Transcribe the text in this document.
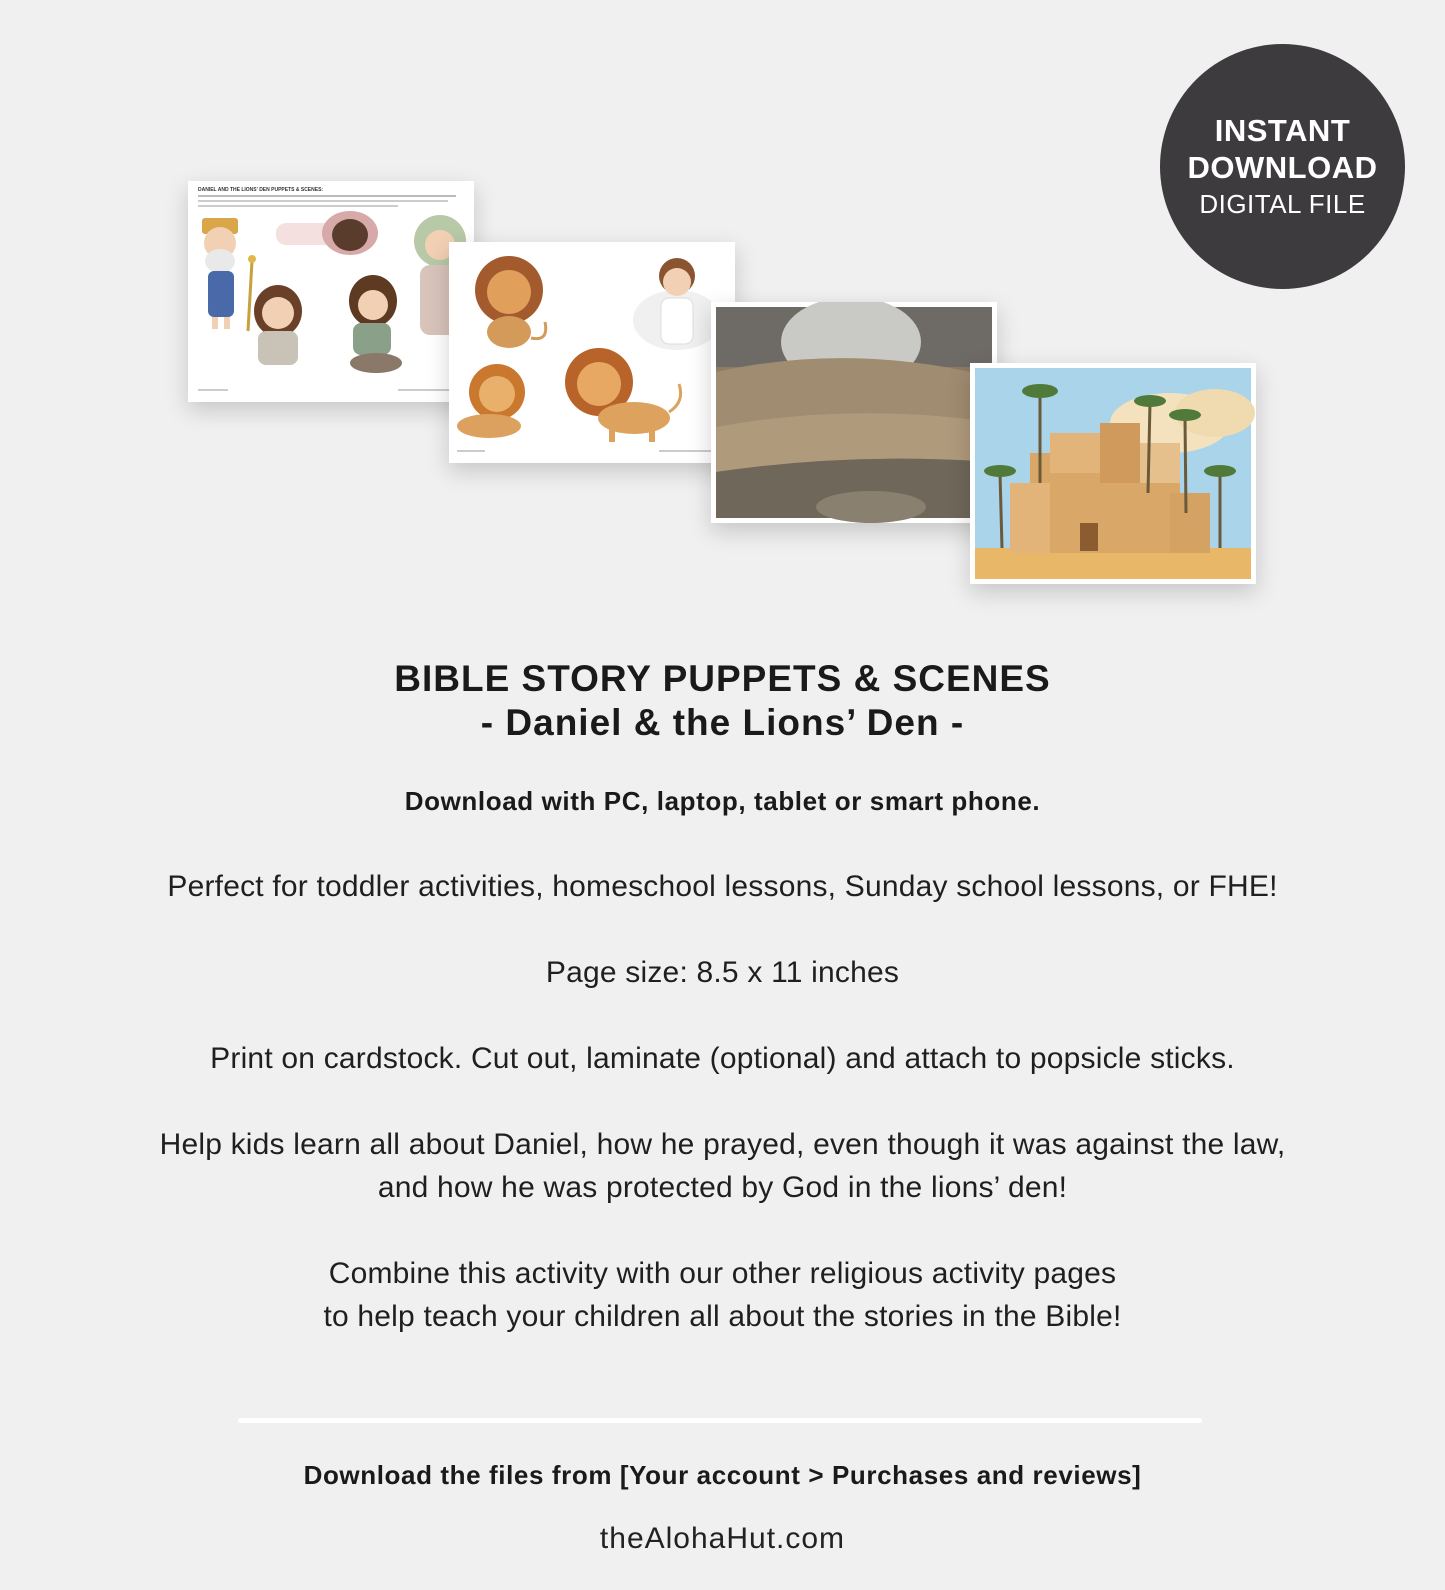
INSTANT
DOWNLOAD
DIGITAL FILE
DANIEL AND THE LIONS' DEN PUPPETS & SCENES:
BIBLE STORY PUPPETS & SCENES
- Daniel & the Lions’ Den -
Download with PC, laptop, tablet or smart phone.
Perfect for toddler activities, homeschool lessons, Sunday school lessons, or FHE!
Page size: 8.5 x 11 inches
Print on cardstock. Cut out, laminate (optional) and attach to popsicle sticks.
Help kids learn all about Daniel, how he prayed, even though it was against the law,
and how he was protected by God in the lions’ den!
Combine this activity with our other religious activity pages
to help teach your children all about the stories in the Bible!
Download the files from [Your account > Purchases and reviews]
theAlohaHut.com
